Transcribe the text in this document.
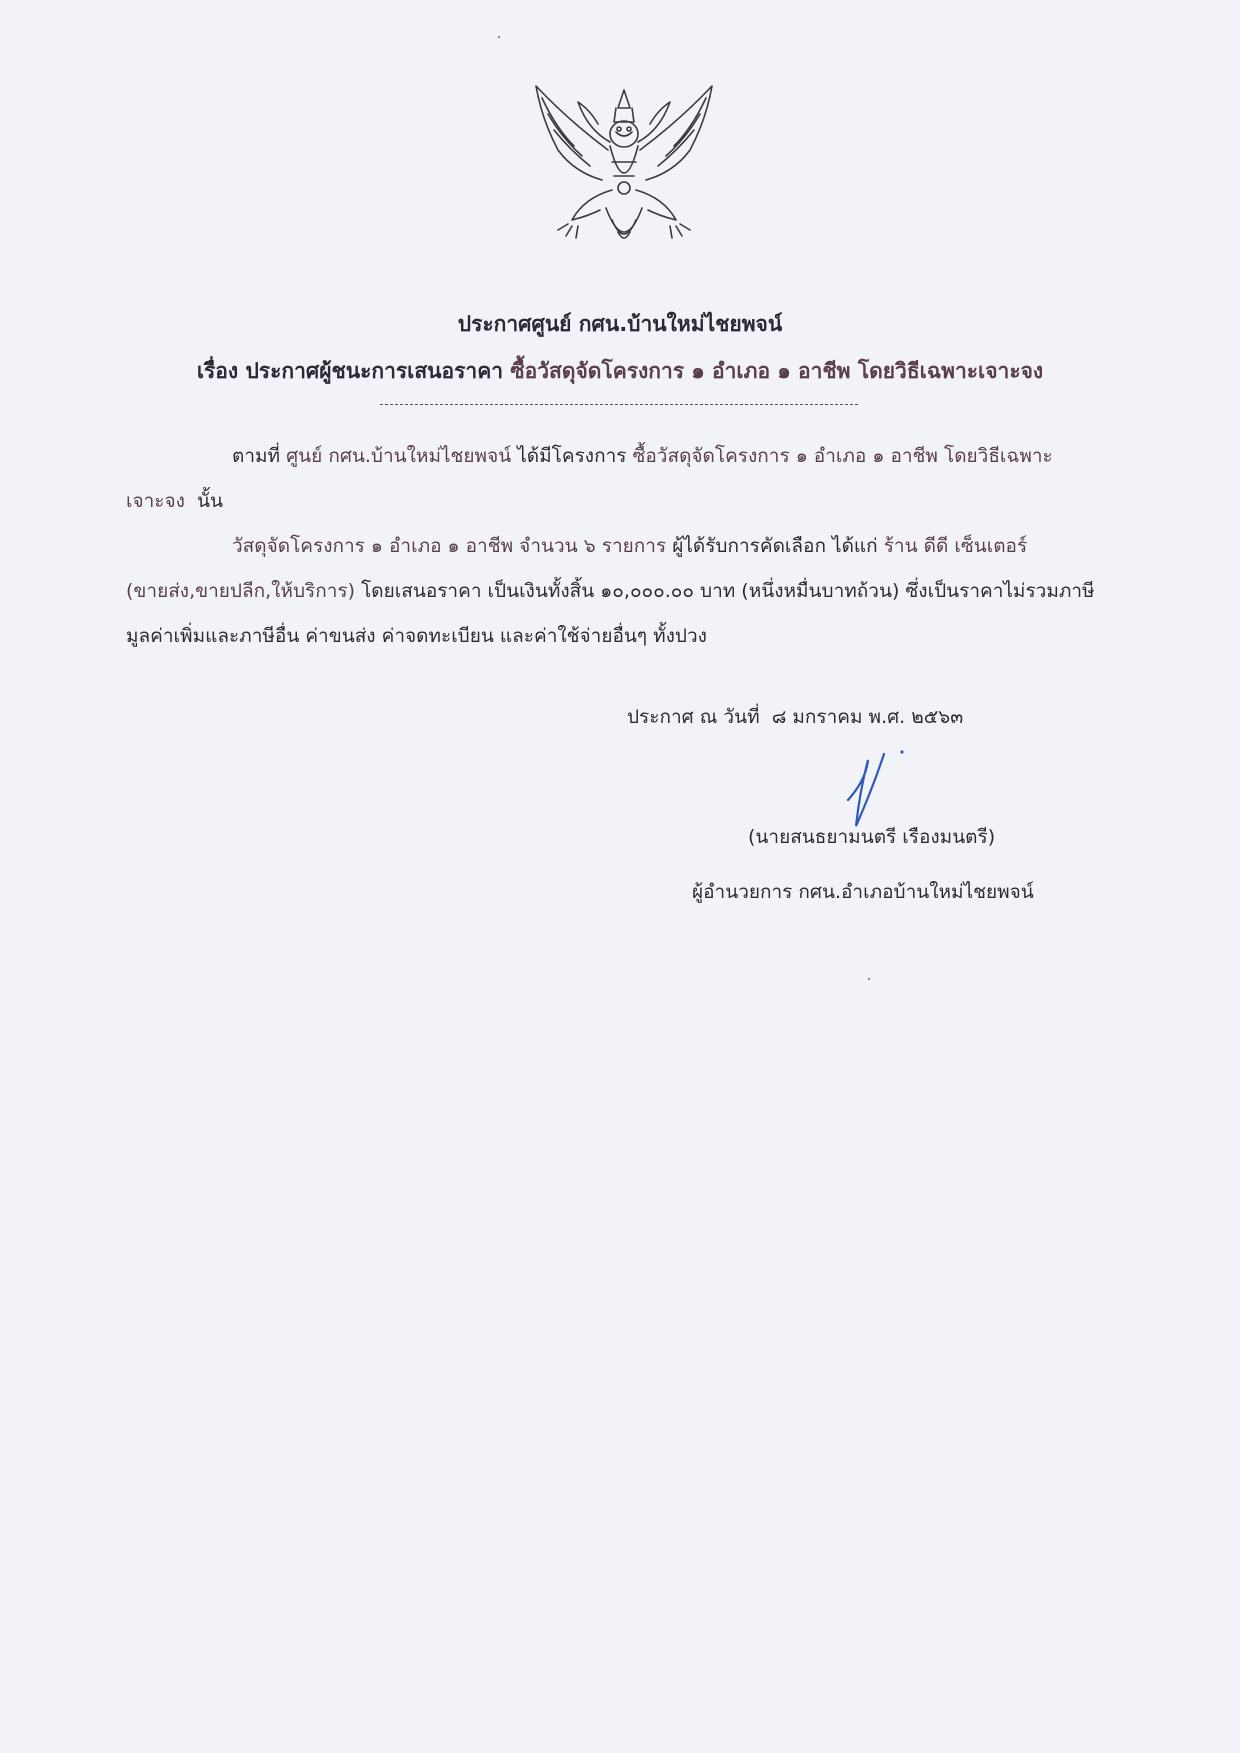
ประกาศศูนย์ กศน.บ้านใหม่ไชยพจน์
เรื่อง ประกาศผู้ชนะการเสนอราคา ซื้อวัสดุจัดโครงการ ๑ อำเภอ ๑ อาชีพ โดยวิธีเฉพาะเจาะจง
ตามที่ ศูนย์ กศน.บ้านใหม่ไชยพจน์ ได้มีโครงการ ซื้อวัสดุจัดโครงการ ๑ อำเภอ ๑ อาชีพ โดยวิธีเฉพาะเจาะจง นั้น
วัสดุจัดโครงการ ๑ อำเภอ ๑ อาชีพ จำนวน ๖ รายการ ผู้ได้รับการคัดเลือก ได้แก่ ร้าน ดีดี เซ็นเตอร์ (ขายส่ง,ขายปลีก,ให้บริการ) โดยเสนอราคา เป็นเงินทั้งสิ้น ๑๐,๐๐๐.๐๐ บาท (หนึ่งหมื่นบาทถ้วน) ซึ่งเป็นราคาไม่รวมภาษีมูลค่าเพิ่มและภาษีอื่น ค่าขนส่ง ค่าจดทะเบียน และค่าใช้จ่ายอื่นๆ ทั้งปวง
ประกาศ ณ วันที่ ๘ มกราคม พ.ศ. ๒๕๖๓
(นายสนธยามนตรี เรืองมนตรี)
ผู้อำนวยการ กศน.อำเภอบ้านใหม่ไชยพจน์
